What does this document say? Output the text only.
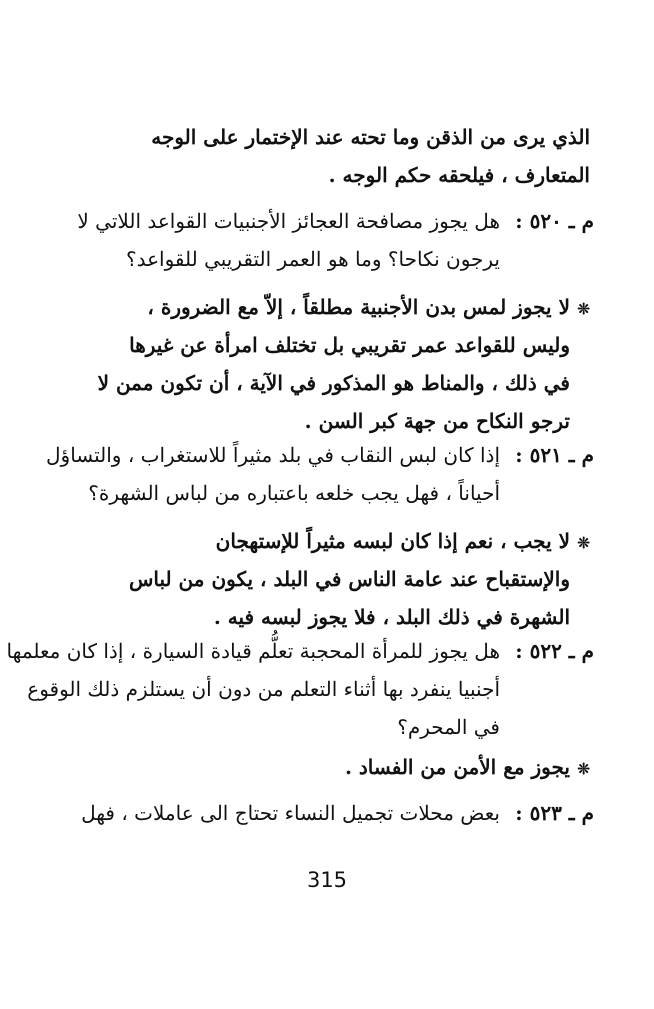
الذي يرى من الذقن وما تحته عند الإختمار على الوجه
المتعارف ، فيلحقه حكم الوجه .
م ـ ٥٢٠ :
هل يجوز مصافحة العجائز الأجنبيات القواعد اللاتي لا
يرجون نكاحا؟ وما هو العمر التقريبي للقواعد؟
❊
لا يجوز لمس بدن الأجنبية مطلقاً ، إلاّ مع الضرورة ،
وليس للقواعد عمر تقريبي بل تختلف امرأة عن غيرها
في ذلك ، والمناط هو المذكور في الآية ، أن تكون ممن لا
ترجو النكاح من جهة كبر السن .
م ـ ٥٢١ :
إذا كان لبس النقاب في بلد مثيراً للاستغراب ، والتساؤل
أحياناً ، فهل يجب خلعه باعتباره من لباس الشهرة؟
❊
لا يجب ، نعم إذا كان لبسه مثيراً للإستهجان
والإستقباح عند عامة الناس في البلد ، يكون من لباس
الشهرة في ذلك البلد ، فلا يجوز لبسه فيه .
م ـ ٥٢٢ :
هل يجوز للمرأة المحجبة تعلُّم قيادة السيارة ، إذا كان معلمها
أجنبيا ينفرد بها أثناء التعلم من دون أن يستلزم ذلك الوقوع
في المحرم؟
❊
يجوز مع الأمن من الفساد .
م ـ ٥٢٣ :
بعض محلات تجميل النساء تحتاج الى عاملات ، فهل
315
